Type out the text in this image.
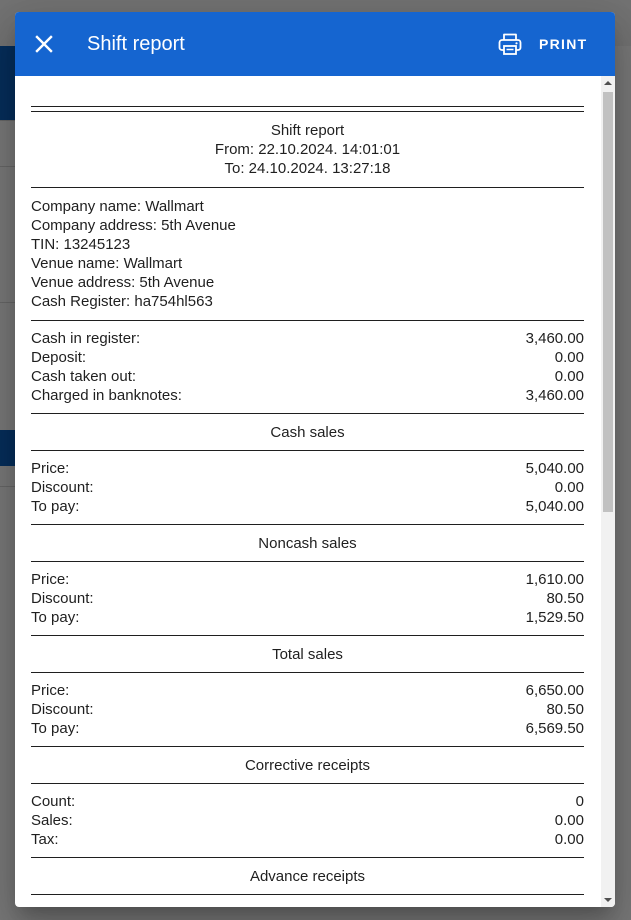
Shift report	PRINT
Shift report
From: 22.10.2024. 14:01:01
To: 24.10.2024. 13:27:18
Company name: Wallmart
Company address: 5th Avenue
TIN: 13245123
Venue name: Wallmart
Venue address: 5th Avenue
Cash Register: ha754hl563
Cash in register:	3,460.00
Deposit:	0.00
Cash taken out:	0.00
Charged in banknotes:	3,460.00
Cash sales
Price:	5,040.00
Discount:	0.00
To pay:	5,040.00
Noncash sales
Price:	1,610.00
Discount:	80.50
To pay:	1,529.50
Total sales
Price:	6,650.00
Discount:	80.50
To pay:	6,569.50
Corrective receipts
Count:	0
Sales:	0.00
Tax:	0.00
Advance receipts
